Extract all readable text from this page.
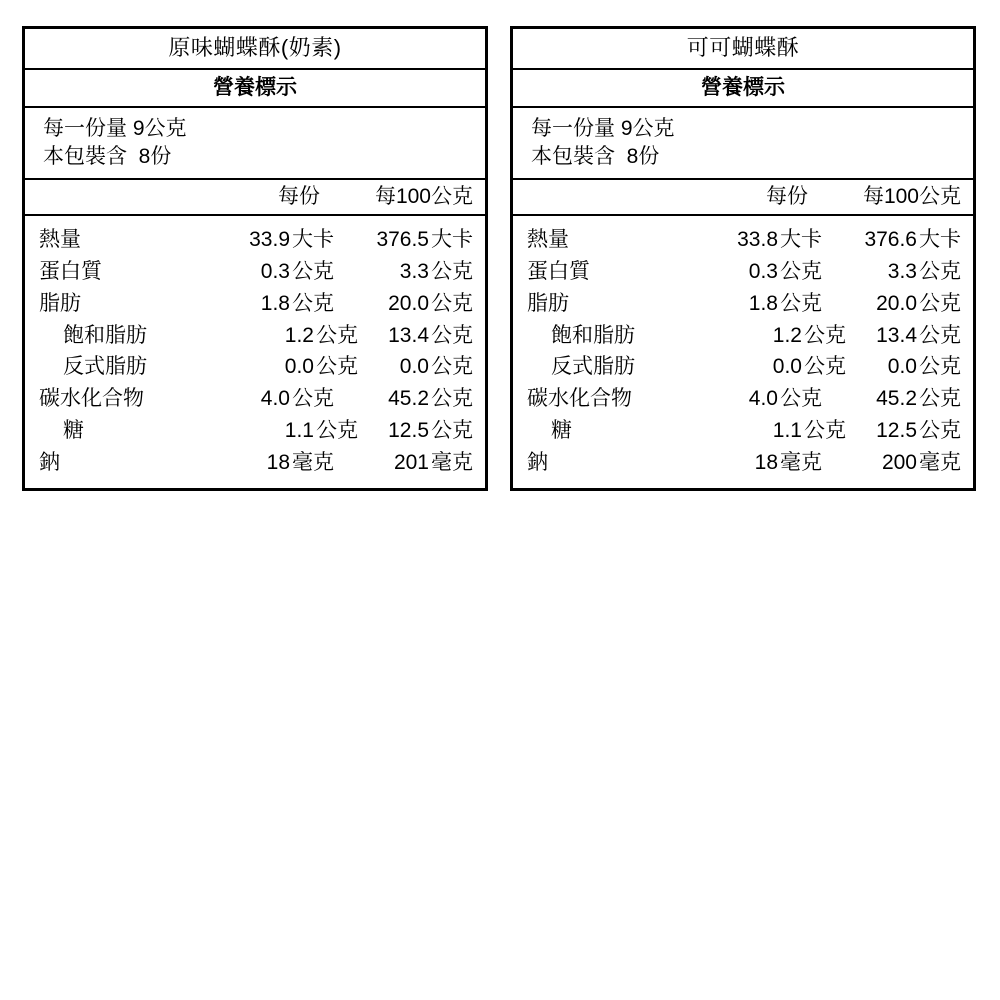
原味蝴蝶酥(奶素)
營養標示
每一份量 9公克
本包裝含  8份
每份	每100公克
熱量	33.9大卡	376.5大卡
蛋白質	0.3公克	3.3公克
脂肪	1.8公克	20.0公克
飽和脂肪	1.2公克	13.4公克
反式脂肪	0.0公克	0.0公克
碳水化合物	4.0公克	45.2公克
糖	1.1公克	12.5公克
鈉	18毫克	201毫克
可可蝴蝶酥
營養標示
每一份量 9公克
本包裝含  8份
每份	每100公克
熱量	33.8大卡	376.6大卡
蛋白質	0.3公克	3.3公克
脂肪	1.8公克	20.0公克
飽和脂肪	1.2公克	13.4公克
反式脂肪	0.0公克	0.0公克
碳水化合物	4.0公克	45.2公克
糖	1.1公克	12.5公克
鈉	18毫克	200毫克
